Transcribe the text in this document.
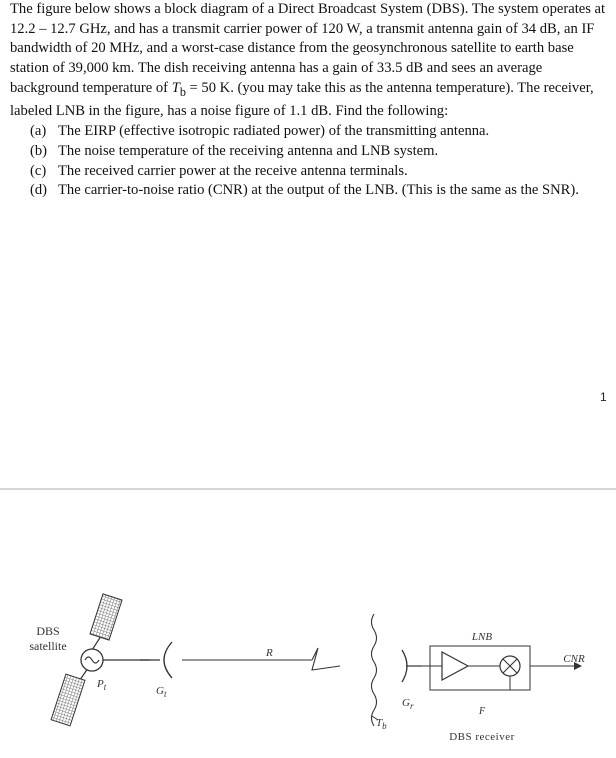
The figure below shows a block diagram of a Direct Broadcast System (DBS). The system operates at 12.2 – 12.7 GHz, and has a transmit carrier power of 120 W, a transmit antenna gain of 34 dB, an IF bandwidth of 20 MHz, and a worst-case distance from the geosynchronous satellite to earth base station of 39,000 km. The dish receiving antenna has a gain of 33.5 dB and sees an average background temperature of $T_b = 50$ K. (you may take this as the antenna temperature). The receiver, labeled LNB in the figure, has a noise figure of 1.1 dB. Find the following:

(a) The EIRP (effective isotropic radiated power) of the transmitting antenna.
(b) The noise temperature of the receiving antenna and LNB system.
(c) The received carrier power at the receive antenna terminals.
(d) The carrier-to-noise ratio (CNR) at the output of the LNB. (This is the same as the SNR).
1
DBS
satellite
$P_t$	$G_t$
R
$T_b$
$G_r$
LNB
CNR
F
DBS receiver
